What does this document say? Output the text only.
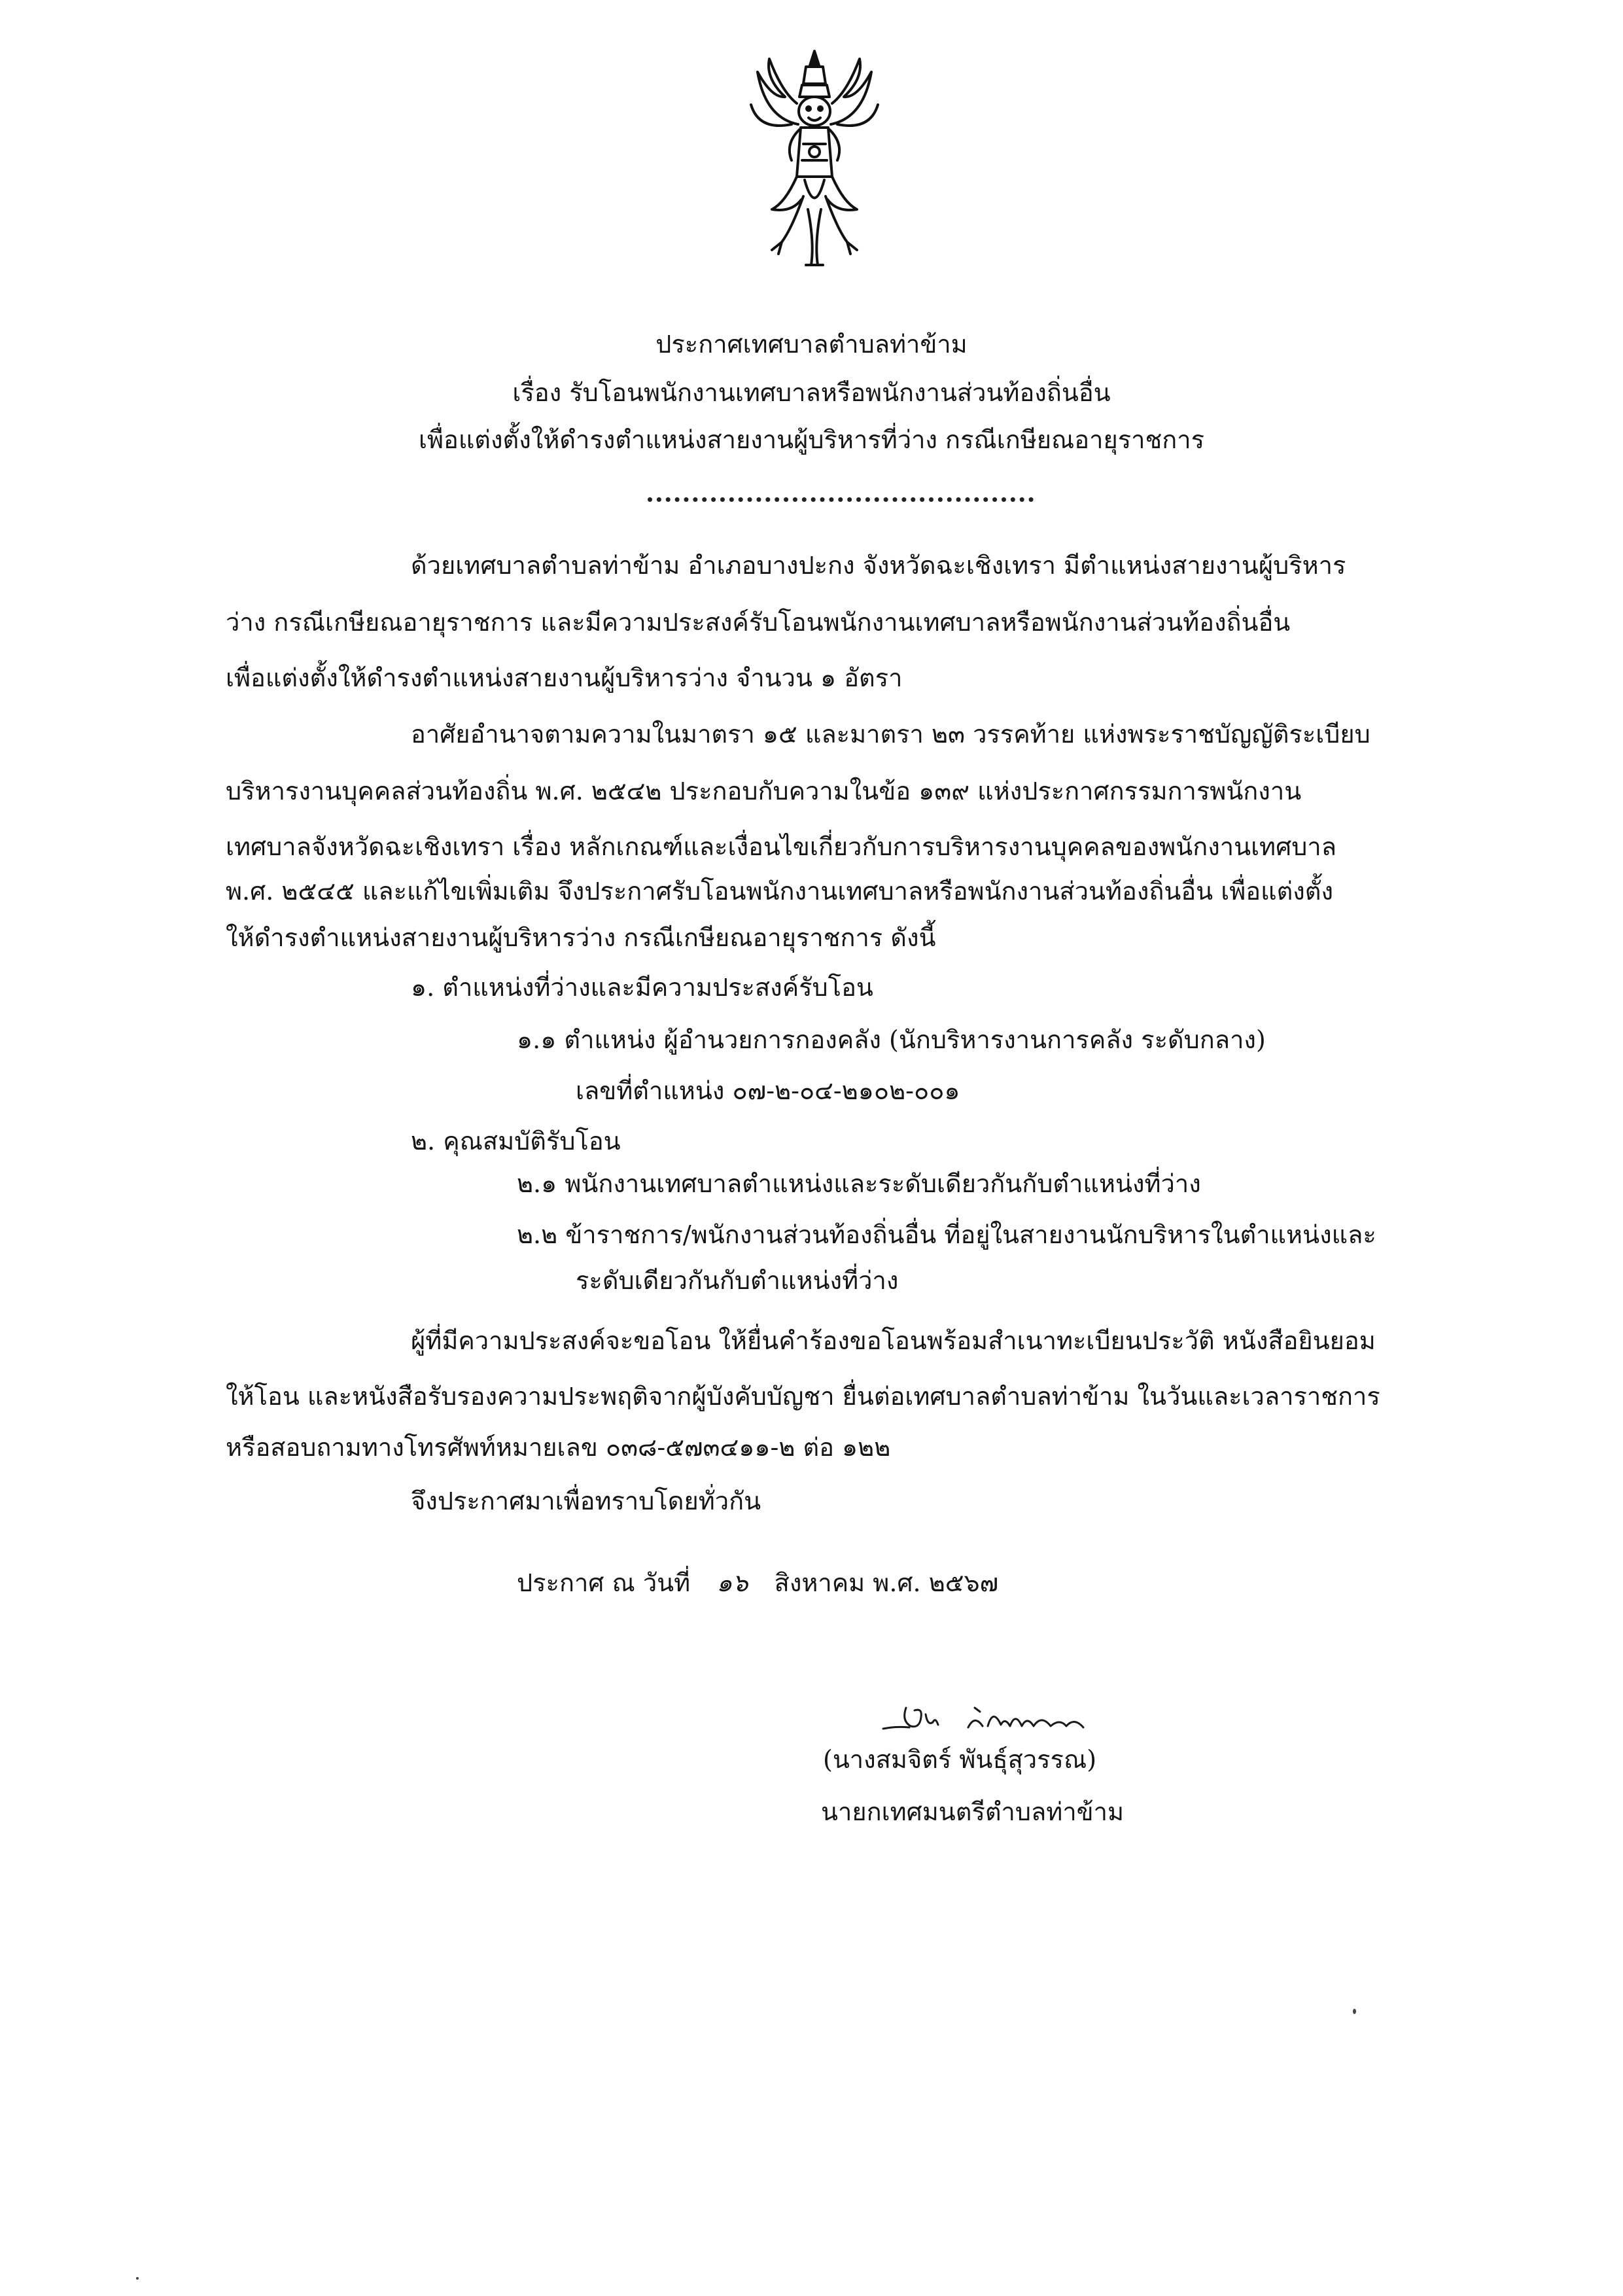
ประกาศเทศบาลตำบลท่าข้าม
เรื่อง รับโอนพนักงานเทศบาลหรือพนักงานส่วนท้องถิ่นอื่น
เพื่อแต่งตั้งให้ดำรงตำแหน่งสายงานผู้บริหารที่ว่าง กรณีเกษียณอายุราชการ
ด้วยเทศบาลตำบลท่าข้าม อำเภอบางปะกง จังหวัดฉะเชิงเทรา มีตำแหน่งสายงานผู้บริหาร
ว่าง กรณีเกษียณอายุราชการ และมีความประสงค์รับโอนพนักงานเทศบาลหรือพนักงานส่วนท้องถิ่นอื่น
เพื่อแต่งตั้งให้ดำรงตำแหน่งสายงานผู้บริหารว่าง จำนวน ๑ อัตรา
อาศัยอำนาจตามความในมาตรา ๑๕ และมาตรา ๒๓ วรรคท้าย แห่งพระราชบัญญัติระเบียบ
บริหารงานบุคคลส่วนท้องถิ่น พ.ศ. ๒๕๔๒ ประกอบกับความในข้อ ๑๓๙ แห่งประกาศกรรมการพนักงาน
เทศบาลจังหวัดฉะเชิงเทรา เรื่อง หลักเกณฑ์และเงื่อนไขเกี่ยวกับการบริหารงานบุคคลของพนักงานเทศบาล
พ.ศ. ๒๕๔๕ และแก้ไขเพิ่มเติม จึงประกาศรับโอนพนักงานเทศบาลหรือพนักงานส่วนท้องถิ่นอื่น เพื่อแต่งตั้ง
ให้ดำรงตำแหน่งสายงานผู้บริหารว่าง กรณีเกษียณอายุราชการ ดังนี้
๑. ตำแหน่งที่ว่างและมีความประสงค์รับโอน
๑.๑ ตำแหน่ง ผู้อำนวยการกองคลัง (นักบริหารงานการคลัง ระดับกลาง)
เลขที่ตำแหน่ง ๐๗-๒-๐๔-๒๑๐๒-๐๐๑
๒. คุณสมบัติรับโอน
๒.๑ พนักงานเทศบาลตำแหน่งและระดับเดียวกันกับตำแหน่งที่ว่าง
๒.๒ ข้าราชการ/พนักงานส่วนท้องถิ่นอื่น ที่อยู่ในสายงานนักบริหารในตำแหน่งและ
ระดับเดียวกันกับตำแหน่งที่ว่าง
ผู้ที่มีความประสงค์จะขอโอน ให้ยื่นคำร้องขอโอนพร้อมสำเนาทะเบียนประวัติ หนังสือยินยอม
ให้โอน และหนังสือรับรองความประพฤติจากผู้บังคับบัญชา ยื่นต่อเทศบาลตำบลท่าข้าม ในวันและเวลาราชการ
หรือสอบถามทางโทรศัพท์หมายเลข ๐๓๘-๕๗๓๔๑๑-๒ ต่อ ๑๒๒
จึงประกาศมาเพื่อทราบโดยทั่วกัน
ประกาศ ณ วันที่ ๑๖ สิงหาคม พ.ศ. ๒๕๖๗
(นางสมจิตร์ พันธุ์สุวรรณ)
นายกเทศมนตรีตำบลท่าข้าม
